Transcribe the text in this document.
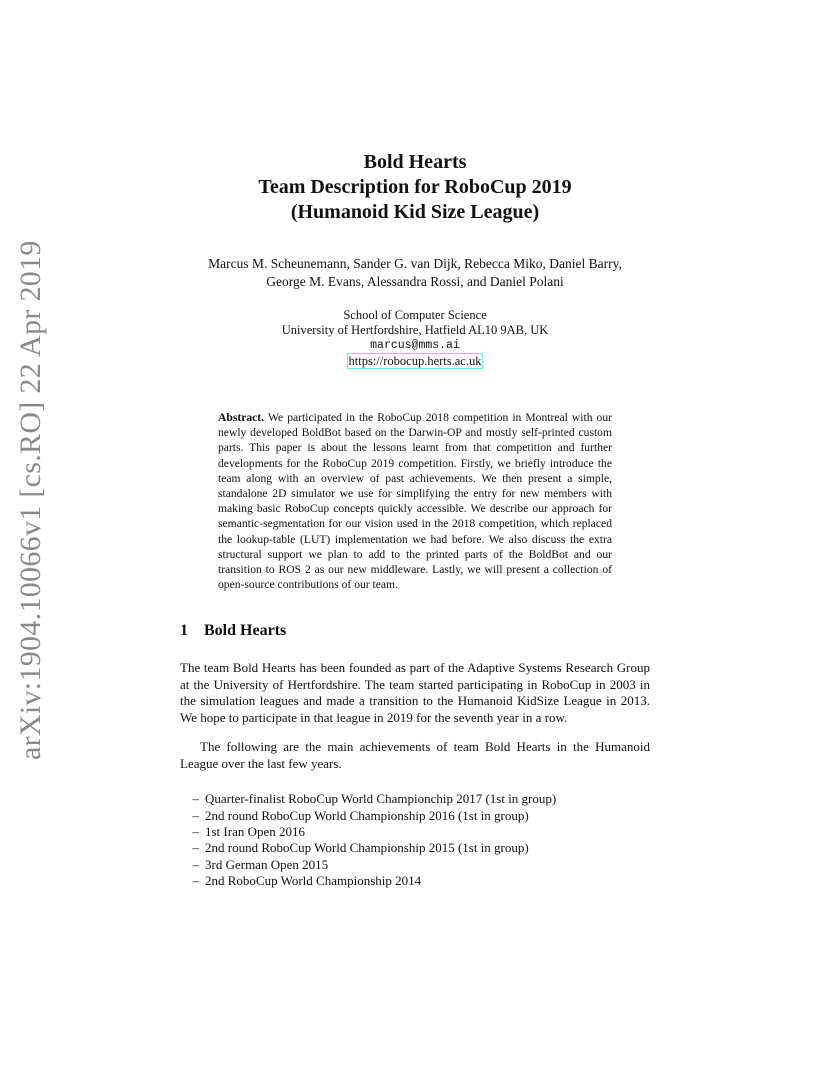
arXiv:1904.10066v1 [cs.RO] 22 Apr 2019
Bold Hearts
Team Description for RoboCup 2019
(Humanoid Kid Size League)
Marcus M. Scheunemann, Sander G. van Dijk, Rebecca Miko, Daniel Barry,
George M. Evans, Alessandra Rossi, and Daniel Polani
School of Computer Science
University of Hertfordshire, Hatfield AL10 9AB, UK
marcus@mms.ai
https://robocup.herts.ac.uk
Abstract. We participated in the RoboCup 2018 competition in Montreal with our newly developed BoldBot based on the Darwin-OP and mostly self-printed custom parts. This paper is about the lessons learnt from that competition and further developments for the RoboCup 2019 competition. Firstly, we briefly introduce the team along with an overview of past achievements. We then present a simple, standalone 2D simulator we use for simplifying the entry for new members with making basic RoboCup concepts quickly accessible. We describe our approach for semantic-segmentation for our vision used in the 2018 competition, which replaced the lookup-table (LUT) implementation we had before. We also discuss the extra structural support we plan to add to the printed parts of the BoldBot and our transition to ROS 2 as our new middleware. Lastly, we will present a collection of open-source contributions of our team.
1 Bold Hearts

The team Bold Hearts has been founded as part of the Adaptive Systems Research Group at the University of Hertfordshire. The team started participating in RoboCup in 2003 in the simulation leagues and made a transition to the Humanoid KidSize League in 2013. We hope to participate in that league in 2019 for the seventh year in a row.

The following are the main achievements of team Bold Hearts in the Humanoid League over the last few years.

– Quarter-finalist RoboCup World Championchip 2017 (1st in group)
– 2nd round RoboCup World Championship 2016 (1st in group)
– 1st Iran Open 2016
– 2nd round RoboCup World Championship 2015 (1st in group)
– 3rd German Open 2015
– 2nd RoboCup World Championship 2014
